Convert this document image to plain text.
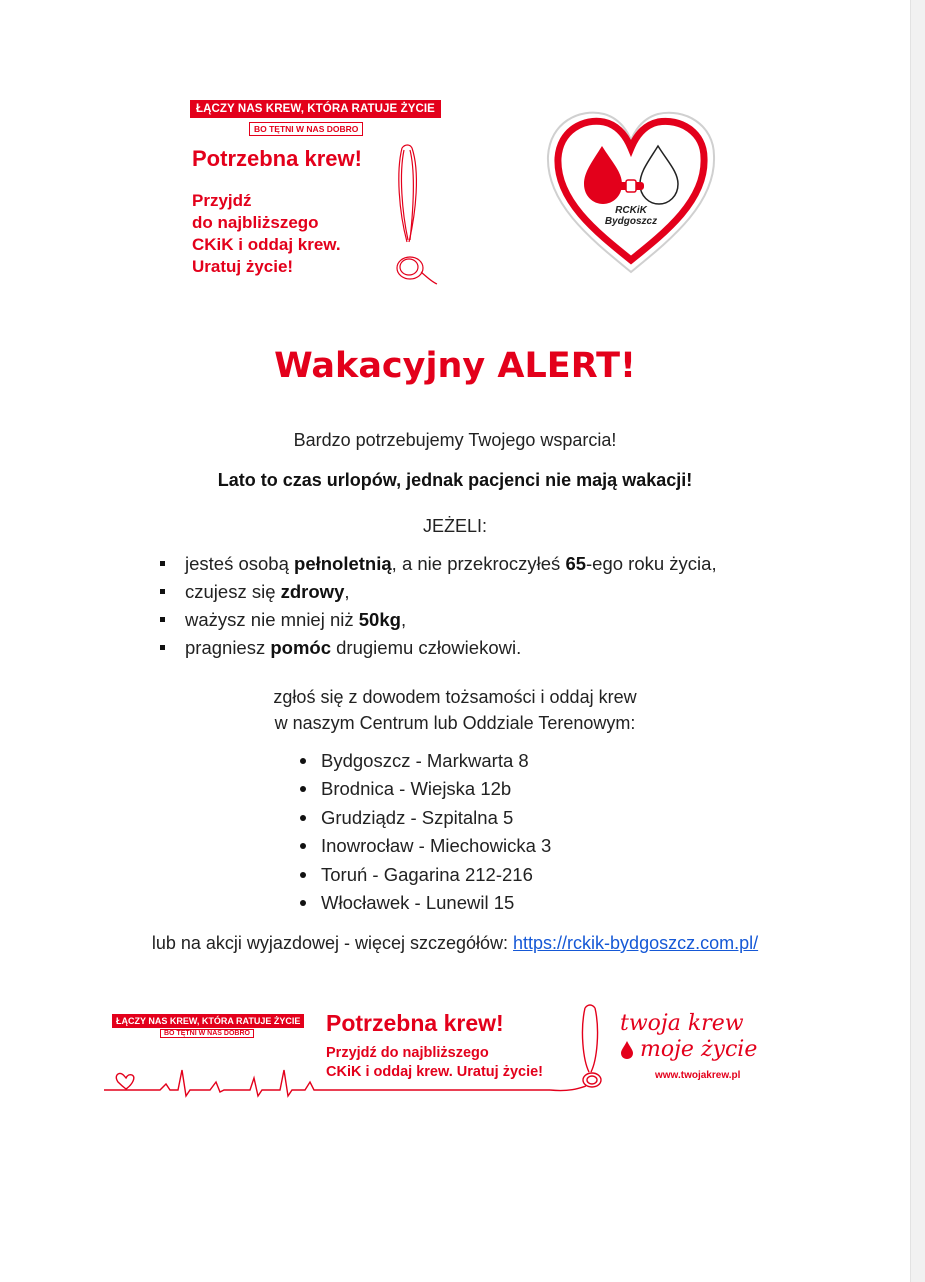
ŁĄCZY NAS KREW, KTÓRA RATUJE ŻYCIE
BO TĘTNI W NAS DOBRO
Potrzebna krew!
Przyjdź
do najbliższego
CKiK i oddaj krew.
Uratuj życie!
RCKiK
Bydgoszcz
Wakacyjny ALERT!
Bardzo potrzebujemy Twojego wsparcia!
Lato to czas urlopów, jednak pacjenci nie mają wakacji!
JEŻELI:
jesteś osobą pełnoletnią, a nie przekroczyłeś 65-ego roku życia,
czujesz się zdrowy,
ważysz nie mniej niż 50kg,
pragniesz pomóc drugiemu człowiekowi.
zgłoś się z dowodem tożsamości i oddaj krew
w naszym Centrum lub Oddziale Terenowym:
Bydgoszcz - Markwarta 8
Brodnica - Wiejska 12b
Grudziądz - Szpitalna 5
Inowrocław - Miechowicka 3
Toruń - Gagarina 212-216
Włocławek - Lunewil 15
lub na akcji wyjazdowej - więcej szczegółów: https://rckik-bydgoszcz.com.pl/
ŁĄCZY NAS KREW, KTÓRA RATUJE ŻYCIE
BO TĘTNI W NAS DOBRO	Potrzebna krew!
Przyjdź do najbliższego
CKiK i oddaj krew. Uratuj życie!
twoja krew
moje życie
www.twojakrew.pl
